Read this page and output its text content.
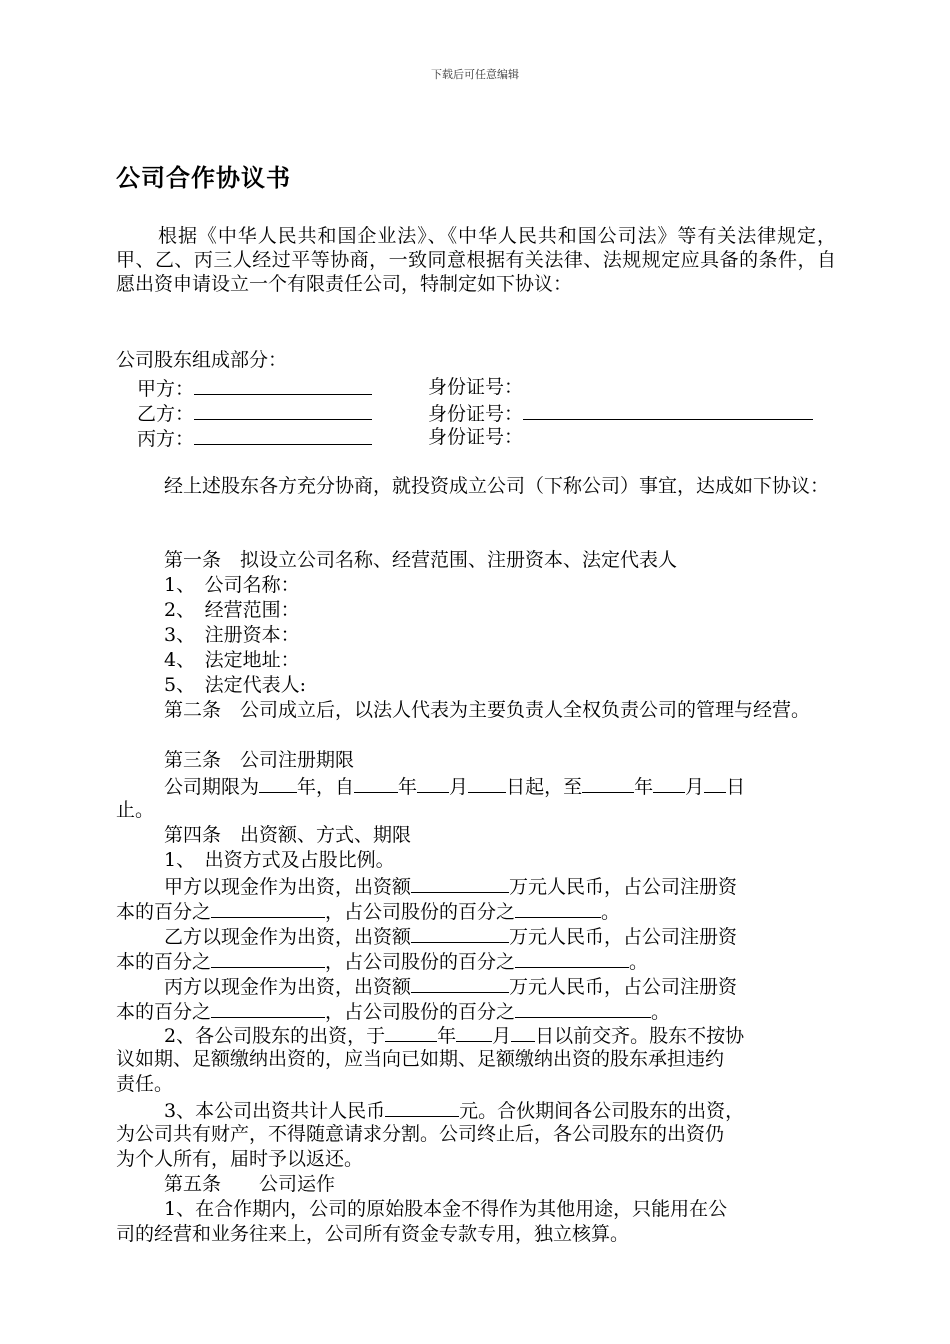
下载后可任意编辑
公司合作协议书
根据《中华人民共和国企业法》、《中华人民共和国公司法》等有关法律规定，甲、乙、丙三人经过平等协商，一致同意根据有关法律、法规规定应具备的条件，自愿出资申请设立一个有限责任公司，特制定如下协议：
公司股东组成部分：
甲方：	身份证号：
乙方：	身份证号：
丙方：	身份证号：
经上述股东各方充分协商，就投资成立公司（下称公司）事宜，达成如下协议：
第一条　拟设立公司名称、经营范围、注册资本、法定代表人
1、　公司名称：
2、　经营范围：
3、　注册资本：
4、　法定地址：
5、　法定代表人:
第二条　公司成立后，以法人代表为主要负责人全权负责公司的管理与经营。
第三条　公司注册期限
公司期限为 年，自 年 月 日起，至	年 月 日
止。
第四条　出资额、方式、期限
1、　出资方式及占股比例。
甲方以现金作为出资，出资额	万元人民币，占公司注册资
本的百分之	，占公司股份的百分之	。
乙方以现金作为出资，出资额	万元人民币，占公司注册资
本的百分之	，占公司股份的百分之	。
丙方以现金作为出资，出资额	万元人民币，占公司注册资
本的百分之	，占公司股份的百分之	。
2、各公司股东的出资，于	年 月 日以前交齐。股东不按协
议如期、足额缴纳出资的，应当向已如期、足额缴纳出资的股东承担违约
责任。
3、本公司出资共计人民币	元。合伙期间各公司股东的出资，
为公司共有财产，不得随意请求分割。公司终止后，各公司股东的出资仍
为个人所有，届时予以返还。
第五条　　公司运作
1、在合作期内，公司的原始股本金不得作为其他用途，只能用在公
司的经营和业务往来上，公司所有资金专款专用，独立核算。
